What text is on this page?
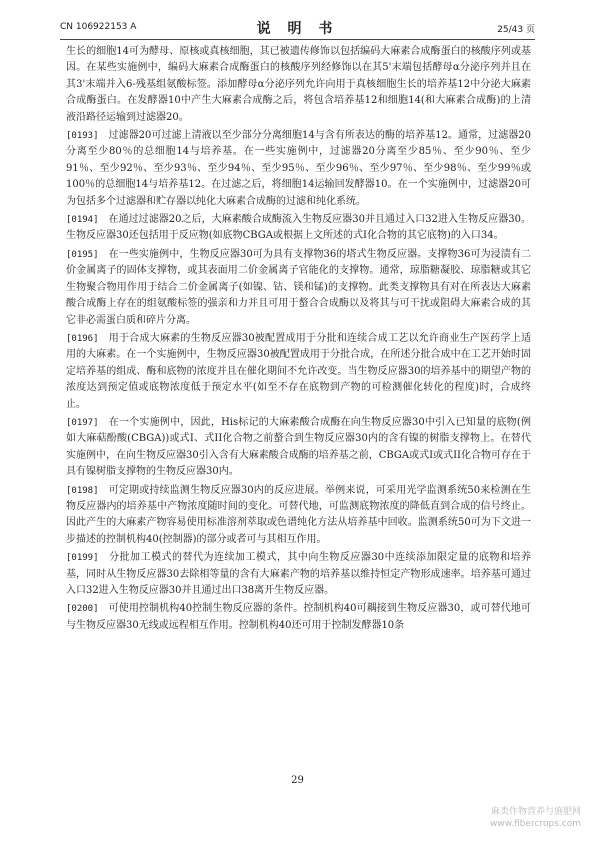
CN 106922153 A	说 明 书	25/43 页

生长的细胞14可为酵母、原核或真核细胞，其已被遗传修饰以包括编码大麻素合成酶蛋白的核酸序列或基因。在某些实施例中，编码大麻素合成酶蛋白的核酸序列经修饰以在其5'末端包括酵母α分泌序列并且在其3'末端并入6-残基组氨酸标签。添加酵母α分泌序列允许向用于真核细胞生长的培养基12中分泌大麻素合成酶蛋白。在发酵器10中产生大麻素合成酶之后，将包含培养基12和细胞14(和大麻素合成酶)的上清液沿路径运输到过滤器20。

[0193] 过滤器20可过滤上清液以至少部分分离细胞14与含有所表达的酶的培养基12。通常，过滤器20分离至少80％的总细胞14与培养基。在一些实施例中，过滤器20分离至少85％、至少90％、至少91％、至少92％、至少93％、至少94％、至少95％、至少96％、至少97％、至少98％、至少99％或100％的总细胞14与培养基12。在过滤之后，将细胞14运输回发酵器10。在一个实施例中，过滤器20可为包括多个过滤器和贮存器以纯化大麻素合成酶的过滤和纯化系统。

[0194] 在通过过滤器20之后，大麻素酸合成酶流入生物反应器30并且通过入口32进入生物反应器30。生物反应器30还包括用于反应物(如底物CBGA或根据上文所述的式I化合物的其它底物)的入口34。

[0195] 在一些实施例中，生物反应器30可为具有支撑物36的塔式生物反应器。支撑物36可为浸渍有二价金属离子的固体支撑物，或其表面用二价金属离子官能化的支撑物。通常，琼脂糖凝胶、琼脂糖或其它生物聚合物用作用于结合二价金属离子(如镍、钴、镁和锰)的支撑物。此类支撑物具有对在所表达大麻素酸合成酶上存在的组氨酸标签的强亲和力并且可用于螯合合成酶以及将其与可干扰或阻碍大麻素合成的其它非必需蛋白质和碎片分离。

[0196] 用于合成大麻素的生物反应器30被配置成用于分批和连续合成工艺以允许商业生产医药学上适用的大麻素。在一个实施例中，生物反应器30被配置成用于分批合成，在所述分批合成中在工艺开始时固定培养基的组成、酶和底物的浓度并且在催化期间不允许改变。当生物反应器30的培养基中的期望产物的浓度达到预定值或底物浓度低于预定水平(如至不存在底物到产物的可检测催化转化的程度)时，合成终止。

[0197] 在一个实施例中，因此，His标记的大麻素酸合成酶在向生物反应器30中引入已知量的底物(例如大麻萜酚酸(CBGA))或式I、式II化合物之前螯合到生物反应器30内的含有镍的树脂支撑物上。在替代实施例中，在向生物反应器30引入含有大麻素酸合成酶的培养基之前，CBGA或式I或式II化合物可存在于具有镍树脂支撑物的生物反应器30内。

[0198] 可定期或持续监测生物反应器30内的反应进展。举例来说，可采用光学监测系统50来检测在生物反应器内的培养基中产物浓度随时间的变化。可替代地，可监测底物浓度的降低直到合成的信号终止。因此产生的大麻素产物容易使用标准溶剂萃取或色谱纯化方法从培养基中回收。监测系统50可为下文进一步描述的控制机构40(控制器)的部分或者可与其相互作用。

[0199] 分批加工模式的替代为连续加工模式，其中向生物反应器30中连续添加限定量的底物和培养基，同时从生物反应器30去除相等量的含有大麻素产物的培养基以维持恒定产物形成速率。培养基可通过入口32进入生物反应器30并且通过出口38离开生物反应器。

[0200] 可使用控制机构40控制生物反应器的条件。控制机构40可耦接到生物反应器30，或可替代地可与生物反应器30无线或远程相互作用。控制机构40还可用于控制发酵器10条

29
麻类作物营养与施肥网
www.fibercrops.com
